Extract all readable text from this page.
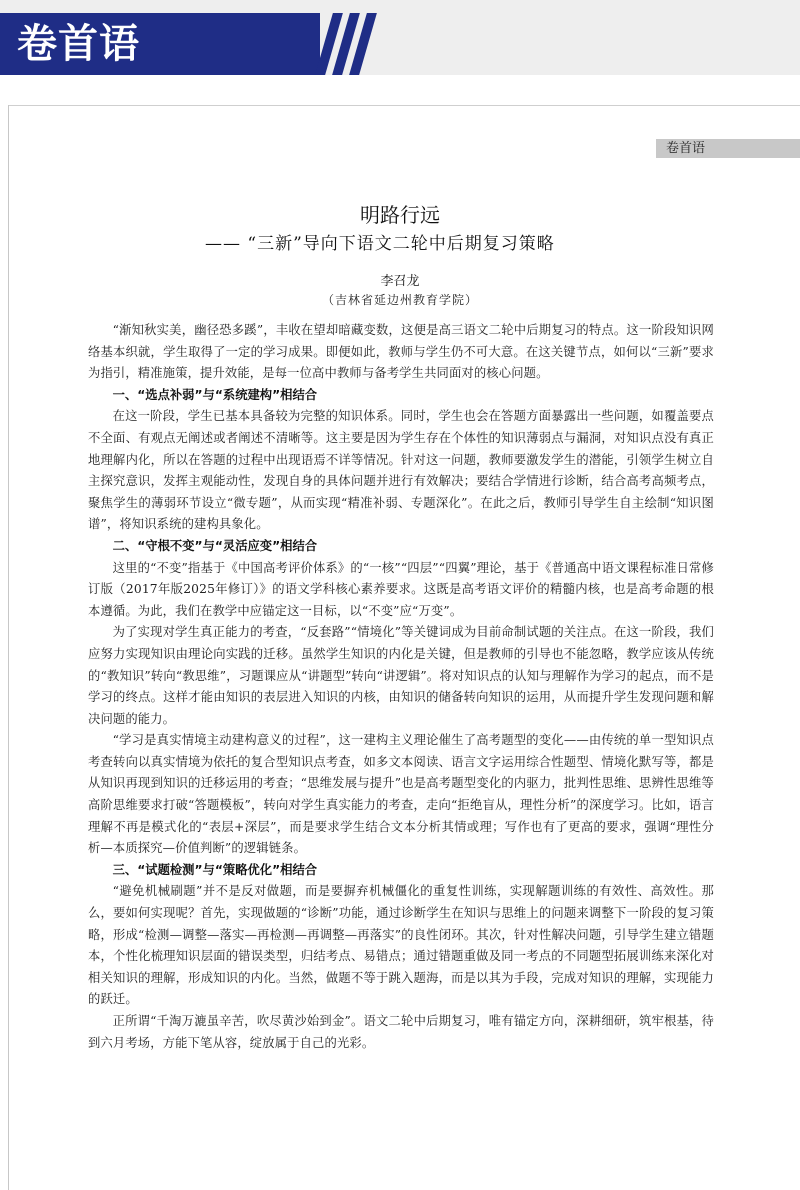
卷首语
卷首语
明路行远
—— “三新”导向下语文二轮中后期复习策略
李召龙
（吉林省延边州教育学院）

“渐知秋实美，幽径恐多蹊”，丰收在望却暗藏变数，这便是高三语文二轮中后期复习的特点。这一阶段知识网络基本织就，学生取得了一定的学习成果。即便如此，教师与学生仍不可大意。在这关键节点，如何以“三新”要求为指引，精准施策，提升效能，是每一位高中教师与备考学生共同面对的核心问题。

一、“选点补弱”与“系统建构”相结合

在这一阶段，学生已基本具备较为完整的知识体系。同时，学生也会在答题方面暴露出一些问题，如覆盖要点不全面、有观点无阐述或者阐述不清晰等。这主要是因为学生存在个体性的知识薄弱点与漏洞，对知识点没有真正地理解内化，所以在答题的过程中出现语焉不详等情况。针对这一问题，教师要激发学生的潜能，引领学生树立自主探究意识，发挥主观能动性，发现自身的具体问题并进行有效解决；要结合学情进行诊断，结合高考高频考点，聚焦学生的薄弱环节设立“微专题”，从而实现“精准补弱、专题深化”。在此之后，教师引导学生自主绘制“知识图谱”，将知识系统的建构具象化。

二、“守根不变”与“灵活应变”相结合

这里的“不变”指基于《中国高考评价体系》的“一核”“四层”“四翼”理论，基于《普通高中语文课程标准日常修订版（2017年版2025年修订）》的语文学科核心素养要求。这既是高考语文评价的精髓内核，也是高考命题的根本遵循。为此，我们在教学中应锚定这一目标，以“不变”应“万变”。

为了实现对学生真正能力的考查，“反套路”“情境化”等关键词成为目前命制试题的关注点。在这一阶段，我们应努力实现知识由理论向实践的迁移。虽然学生知识的内化是关键，但是教师的引导也不能忽略，教学应该从传统的“教知识”转向“教思维”，习题课应从“讲题型”转向“讲逻辑”。将对知识点的认知与理解作为学习的起点，而不是学习的终点。这样才能由知识的表层进入知识的内核，由知识的储备转向知识的运用，从而提升学生发现问题和解决问题的能力。

“学习是真实情境主动建构意义的过程”，这一建构主义理论催生了高考题型的变化——由传统的单一型知识点考查转向以真实情境为依托的复合型知识点考查，如多文本阅读、语言文字运用综合性题型、情境化默写等，都是从知识再现到知识的迁移运用的考查；“思维发展与提升”也是高考题型变化的内驱力，批判性思维、思辨性思维等高阶思维要求打破“答题模板”，转向对学生真实能力的考查，走向“拒绝盲从，理性分析”的深度学习。比如，语言理解不再是模式化的“表层+深层”，而是要求学生结合文本分析其情或理；写作也有了更高的要求，强调“理性分析—本质探究—价值判断”的逻辑链条。

三、“试题检测”与“策略优化”相结合

“避免机械刷题”并不是反对做题，而是要摒弃机械僵化的重复性训练，实现解题训练的有效性、高效性。那么，要如何实现呢？首先，实现做题的“诊断”功能，通过诊断学生在知识与思维上的问题来调整下一阶段的复习策略，形成“检测—调整—落实—再检测—再调整—再落实”的良性闭环。其次，针对性解决问题，引导学生建立错题本，个性化梳理知识层面的错误类型，归结考点、易错点；通过错题重做及同一考点的不同题型拓展训练来深化对相关知识的理解，形成知识的内化。当然，做题不等于跳入题海，而是以其为手段，完成对知识的理解，实现能力的跃迁。

正所谓“千淘万漉虽辛苦，吹尽黄沙始到金”。语文二轮中后期复习，唯有锚定方向，深耕细研，筑牢根基，待到六月考场，方能下笔从容，绽放属于自己的光彩。
